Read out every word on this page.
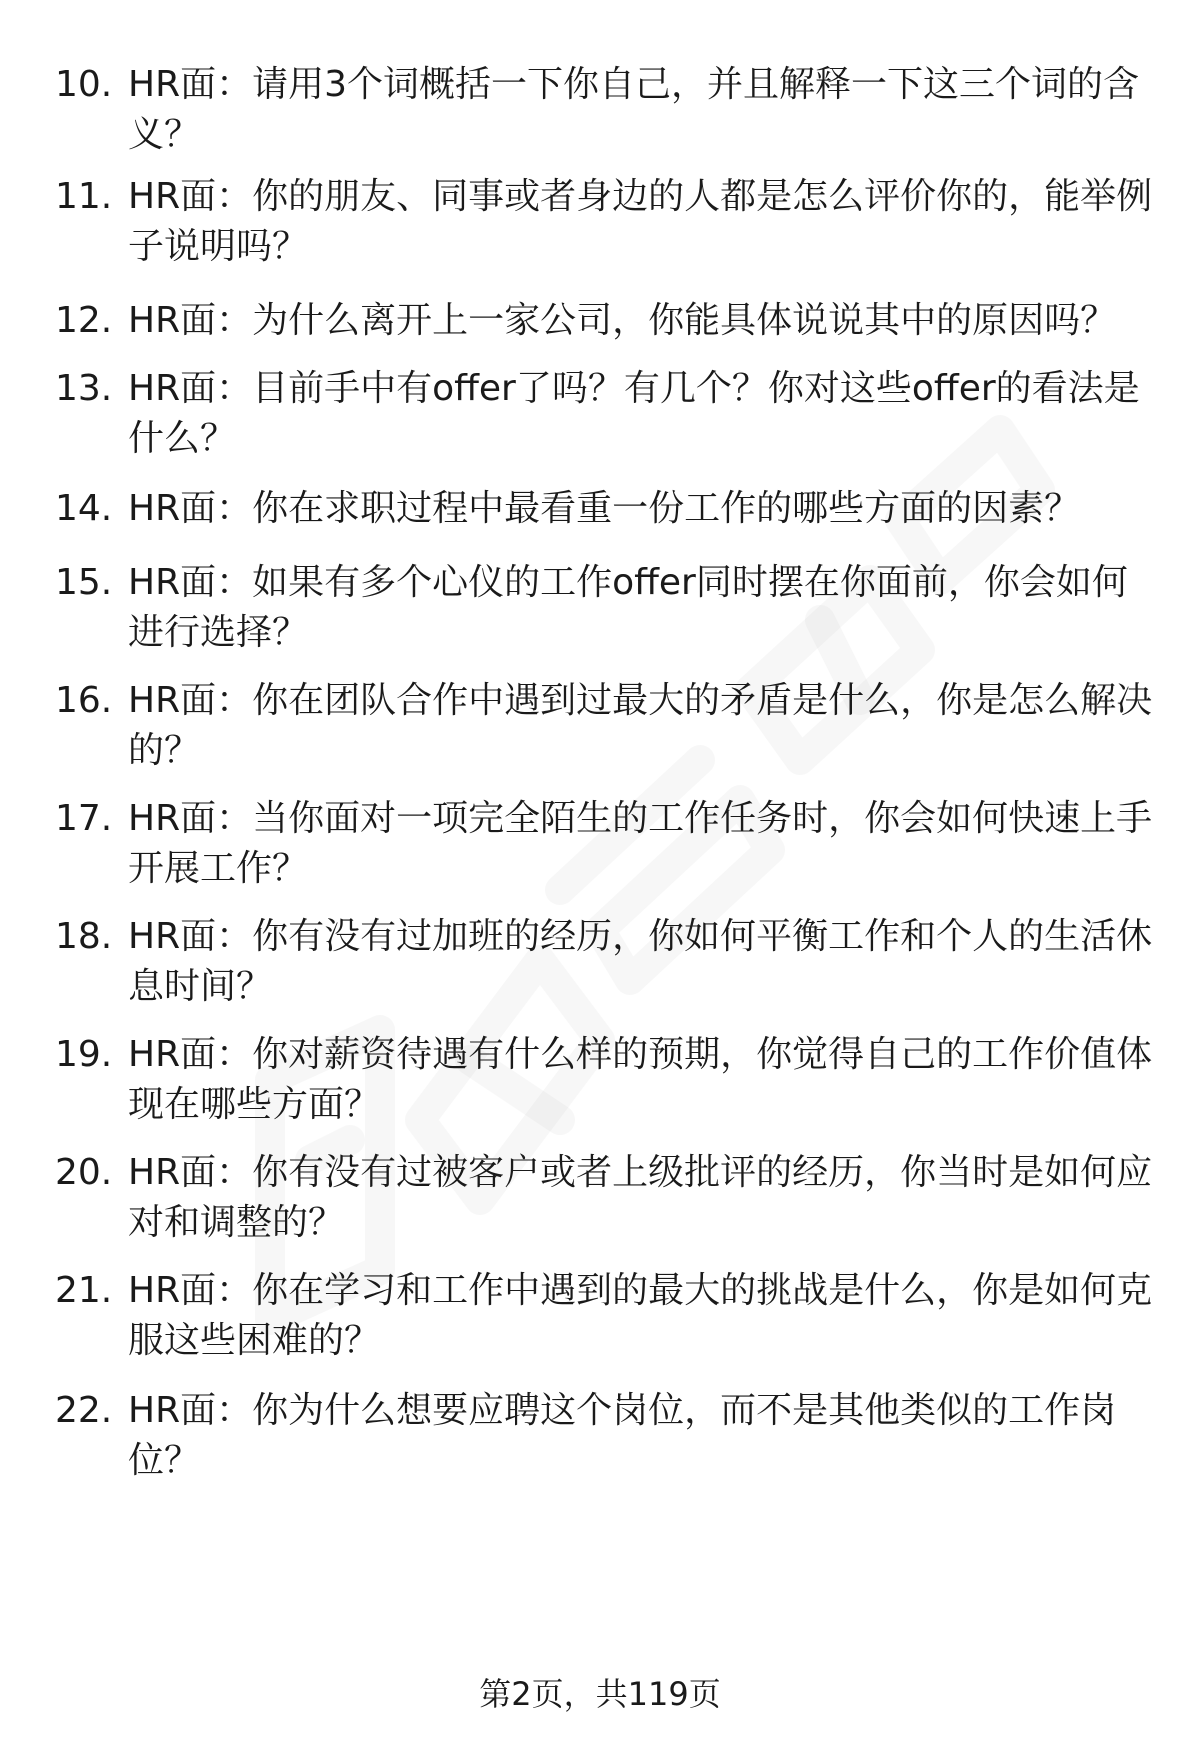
10. HR面：请用3个词概括一下你自己，并且解释一下这三个词的含义？
11. HR面：你的朋友、同事或者身边的人都是怎么评价你的，能举例子说明吗？
12. HR面：为什么离开上一家公司，你能具体说说其中的原因吗？
13. HR面：目前手中有offer了吗？有几个？你对这些offer的看法是什么？
14. HR面：你在求职过程中最看重一份工作的哪些方面的因素？
15. HR面：如果有多个心仪的工作offer同时摆在你面前，你会如何进行选择？
16. HR面：你在团队合作中遇到过最大的矛盾是什么，你是怎么解决的？
17. HR面：当你面对一项完全陌生的工作任务时，你会如何快速上手开展工作？
18. HR面：你有没有过加班的经历，你如何平衡工作和个人的生活休息时间？
19. HR面：你对薪资待遇有什么样的预期，你觉得自己的工作价值体现在哪些方面？
20. HR面：你有没有过被客户或者上级批评的经历，你当时是如何应对和调整的？
21. HR面：你在学习和工作中遇到的最大的挑战是什么，你是如何克服这些困难的？
22. HR面：你为什么想要应聘这个岗位，而不是其他类似的工作岗位？
第2页，共119页
